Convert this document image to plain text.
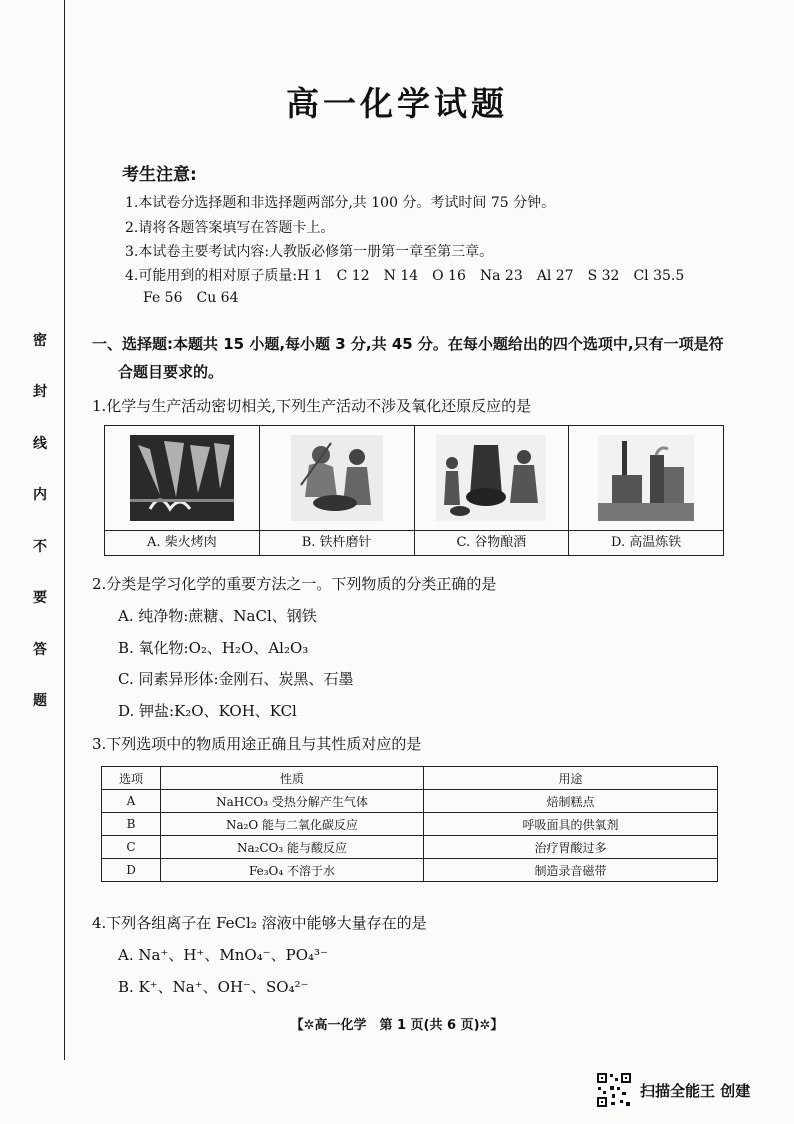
密
封
线
内
不
要
答
题
高一化学试题
考生注意:
1.本试卷分选择题和非选择题两部分,共 100 分。考试时间 75 分钟。
2.请将各题答案填写在答题卡上。
3.本试卷主要考试内容:人教版必修第一册第一章至第三章。
4.可能用到的相对原子质量:H 1　C 12　N 14　O 16　Na 23　Al 27　S 32　Cl 35.5
Fe 56　Cu 64
一、选择题:本题共 15 小题,每小题 3 分,共 45 分。在每小题给出的四个选项中,只有一项是符
合题目要求的。
1.化学与生产活动密切相关,下列生产活动不涉及氧化还原反应的是
A. 柴火烤肉	B. 铁杵磨针	C. 谷物酿酒	D. 高温炼铁
2.分类是学习化学的重要方法之一。下列物质的分类正确的是
A. 纯净物:蔗糖、NaCl、钢铁
B. 氧化物:O₂、H₂O、Al₂O₃
C. 同素异形体:金刚石、炭黑、石墨
D. 钾盐:K₂O、KOH、KCl
3.下列选项中的物质用途正确且与其性质对应的是
选项	性质	用途
A	NaHCO₃ 受热分解产生气体	焙制糕点
B	Na₂O 能与二氧化碳反应	呼吸面具的供氧剂
C	Na₂CO₃ 能与酸反应	治疗胃酸过多
D	Fe₃O₄ 不溶于水	制造录音磁带
4.下列各组离子在 FeCl₂ 溶液中能够大量存在的是
A. Na⁺、H⁺、MnO₄⁻、PO₄³⁻
B. K⁺、Na⁺、OH⁻、SO₄²⁻
【✲高一化学　第 1 页(共 6 页)✲】
扫描全能王 创建
